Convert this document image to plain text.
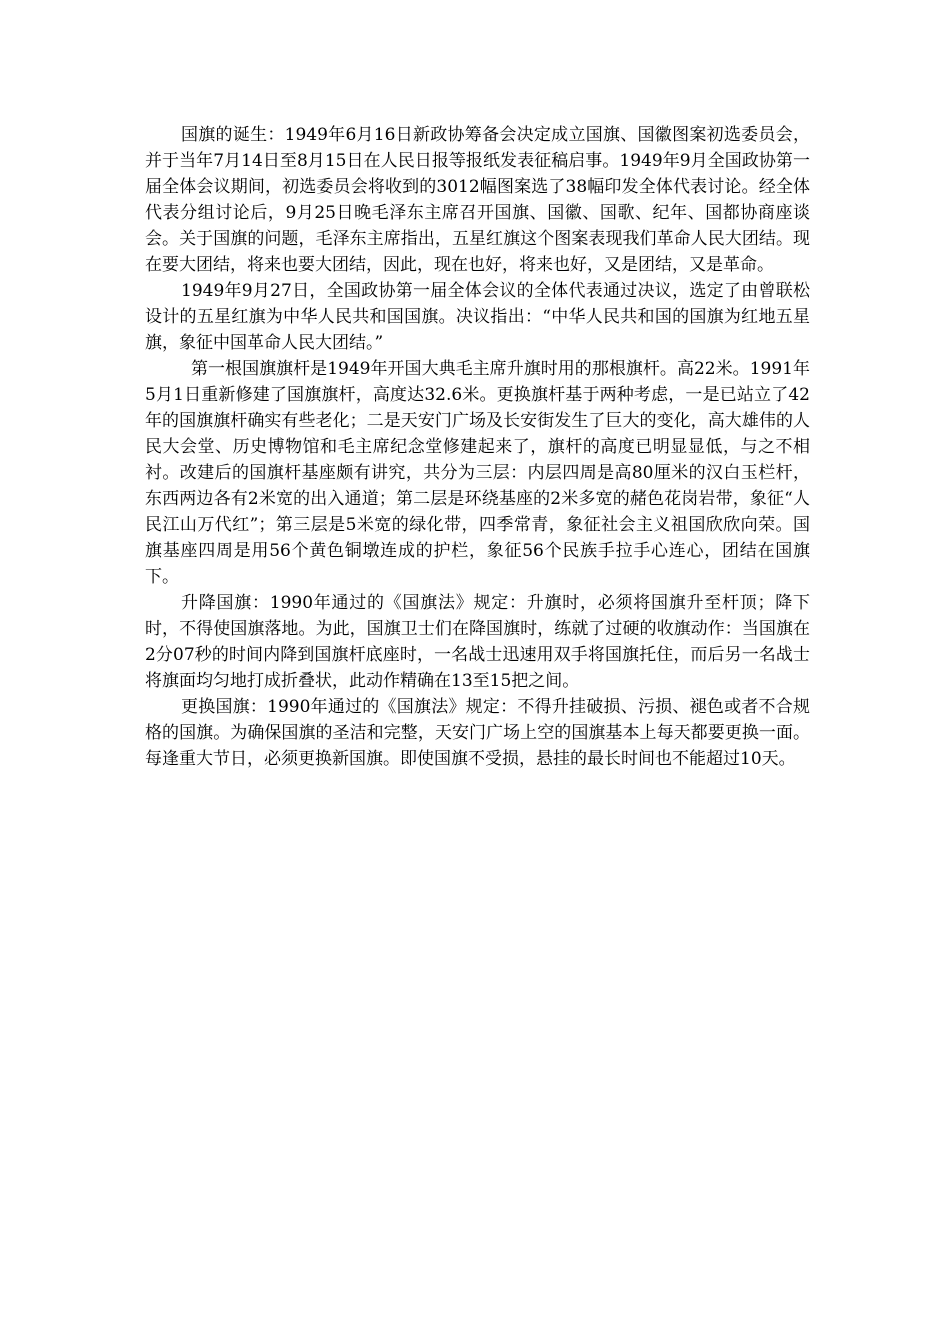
国旗的诞生：1949年6月16日新政协筹备会决定成立国旗、国徽图案初选委员会，并于当年7月14日至8月15日在人民日报等报纸发表征稿启事。1949年9月全国政协第一届全体会议期间，初选委员会将收到的3012幅图案选了38幅印发全体代表讨论。经全体代表分组讨论后，9月25日晚毛泽东主席召开国旗、国徽、国歌、纪年、国都协商座谈会。关于国旗的问题，毛泽东主席指出，五星红旗这个图案表现我们革命人民大团结。现在要大团结，将来也要大团结，因此，现在也好，将来也好，又是团结，又是革命。

1949年9月27日，全国政协第一届全体会议的全体代表通过决议，选定了由曾联松设计的五星红旗为中华人民共和国国旗。决议指出：“中华人民共和国的国旗为红地五星旗，象征中国革命人民大团结。”

第一根国旗旗杆是1949年开国大典毛主席升旗时用的那根旗杆。高22米。1991年5月1日重新修建了国旗旗杆，高度达32.6米。更换旗杆基于两种考虑，一是已站立了42年的国旗旗杆确实有些老化；二是天安门广场及长安街发生了巨大的变化，高大雄伟的人民大会堂、历史博物馆和毛主席纪念堂修建起来了，旗杆的高度已明显显低，与之不相衬。改建后的国旗杆基座颇有讲究，共分为三层：内层四周是高80厘米的汉白玉栏杆，东西两边各有2米宽的出入通道；第二层是环绕基座的2米多宽的赭色花岗岩带，象征“人民江山万代红”；第三层是5米宽的绿化带，四季常青，象征社会主义祖国欣欣向荣。国旗基座四周是用56个黄色铜墩连成的护栏，象征56个民族手拉手心连心，团结在国旗下。

升降国旗：1990年通过的《国旗法》规定：升旗时，必须将国旗升至杆顶；降下时，不得使国旗落地。为此，国旗卫士们在降国旗时，练就了过硬的收旗动作：当国旗在2分07秒的时间内降到国旗杆底座时，一名战士迅速用双手将国旗托住，而后另一名战士将旗面均匀地打成折叠状，此动作精确在13至15把之间。

更换国旗：1990年通过的《国旗法》规定：不得升挂破损、污损、褪色或者不合规格的国旗。为确保国旗的圣洁和完整，天安门广场上空的国旗基本上每天都要更换一面。每逢重大节日，必须更换新国旗。即使国旗不受损，悬挂的最长时间也不能超过10天。
